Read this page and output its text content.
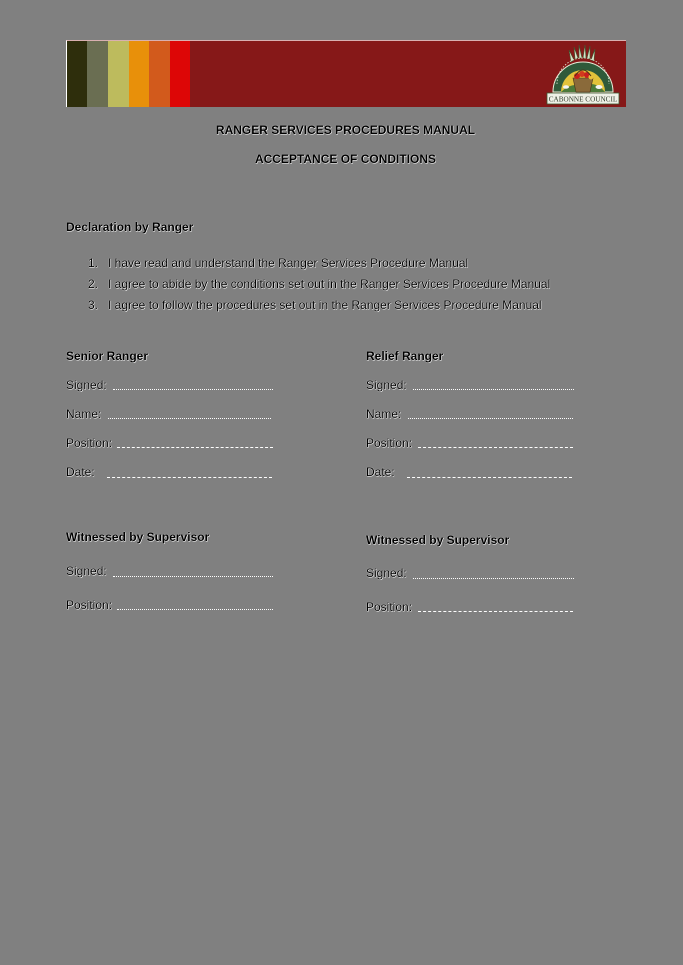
CABONNE COUNCIL
RANGER SERVICES PROCEDURES MANUAL
ACCEPTANCE OF CONDITIONS
Declaration by Ranger
1. I have read and understand the Ranger Services Procedure Manual
2. I agree to abide by the conditions set out in the Ranger Services Procedure Manual
3. I agree to follow the procedures set out in the Ranger Services Procedure Manual
Senior Ranger
Signed:
Name:
Position:
Date:
Relief Ranger
Signed:
Name:
Position:
Date:
Witnessed by Supervisor
Signed:
Position:
Witnessed by Supervisor
Signed:
Position:
